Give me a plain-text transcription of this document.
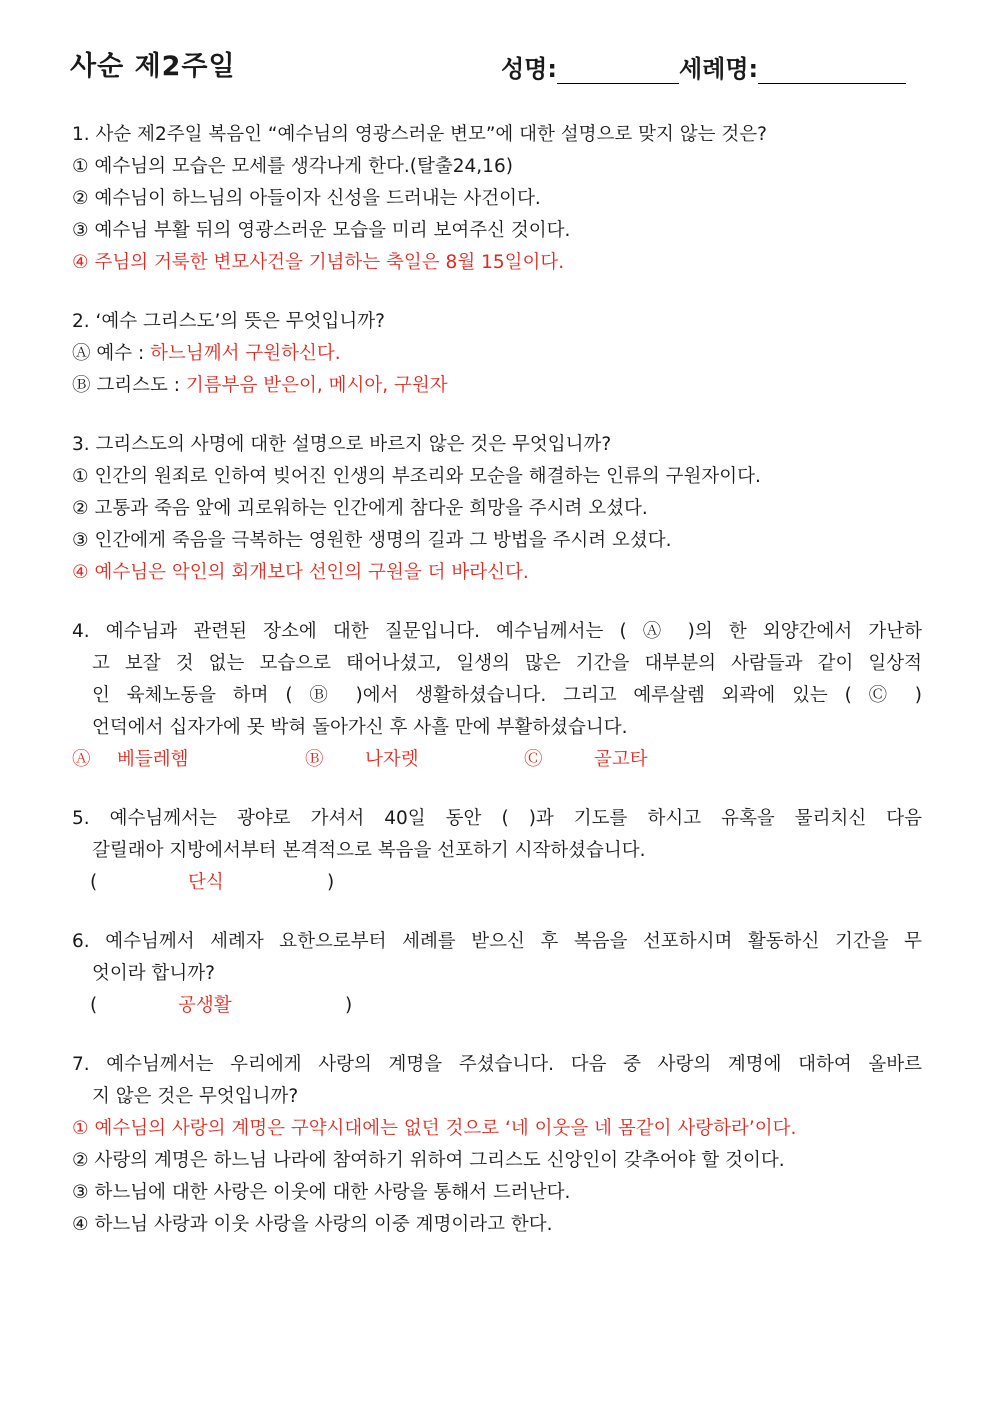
사순 제2주일	성명:	세례명:
1. 사순 제2주일 복음인 “예수님의 영광스러운 변모”에 대한 설명으로 맞지 않는 것은?
① 예수님의 모습은 모세를 생각나게 한다.(탈출24,16)
② 예수님이 하느님의 아들이자 신성을 드러내는 사건이다.
③ 예수님 부활 뒤의 영광스러운 모습을 미리 보여주신 것이다.
④ 주님의 거룩한 변모사건을 기념하는 축일은 8월 15일이다.
2. ‘예수 그리스도’의 뜻은 무엇입니까?
Ⓐ 예수 : 하느님께서 구원하신다.
Ⓑ 그리스도 : 기름부음 받은이, 메시아, 구원자
3. 그리스도의 사명에 대한 설명으로 바르지 않은 것은 무엇입니까?
① 인간의 원죄로 인하여 빚어진 인생의 부조리와 모순을 해결하는 인류의 구원자이다.
② 고통과 죽음 앞에 괴로워하는 인간에게 참다운 희망을 주시려 오셨다.
③ 인간에게 죽음을 극복하는 영원한 생명의 길과 그 방법을 주시려 오셨다.
④ 예수님은 악인의 회개보다 선인의 구원을 더 바라신다.
4. 예수님과 관련된 장소에 대한 질문입니다. 예수님께서는 ( Ⓐ )의 한 외양간에서 가난하
고 보잘 것 없는 모습으로 태어나셨고, 일생의 많은 기간을 대부분의 사람들과 같이 일상적
인 육체노동을 하며 ( Ⓑ )에서 생활하셨습니다. 그리고 예루살렘 외곽에 있는 ( Ⓒ )
언덕에서 십자가에 못 박혀 돌아가신 후 사흘 만에 부활하셨습니다.
Ⓐ 베들레헴	Ⓑ 나자렛	Ⓒ	골고타
5. 예수님께서는 광야로 가셔서 40일 동안 ( )과 기도를 하시고 유혹을 물리치신 다음
갈릴래아 지방에서부터 본격적으로 복음을 선포하기 시작하셨습니다.
(	단식	)
6. 예수님께서 세례자 요한으로부터 세례를 받으신 후 복음을 선포하시며 활동하신 기간을 무
엇이라 합니까?
(	공생활	)
7. 예수님께서는 우리에게 사랑의 계명을 주셨습니다. 다음 중 사랑의 계명에 대하여 올바르
지 않은 것은 무엇입니까?
① 예수님의 사랑의 계명은 구약시대에는 없던 것으로 ‘네 이웃을 네 몸같이 사랑하라’이다.
② 사랑의 계명은 하느님 나라에 참여하기 위하여 그리스도 신앙인이 갖추어야 할 것이다.
③ 하느님에 대한 사랑은 이웃에 대한 사랑을 통해서 드러난다.
④ 하느님 사랑과 이웃 사랑을 사랑의 이중 계명이라고 한다.
